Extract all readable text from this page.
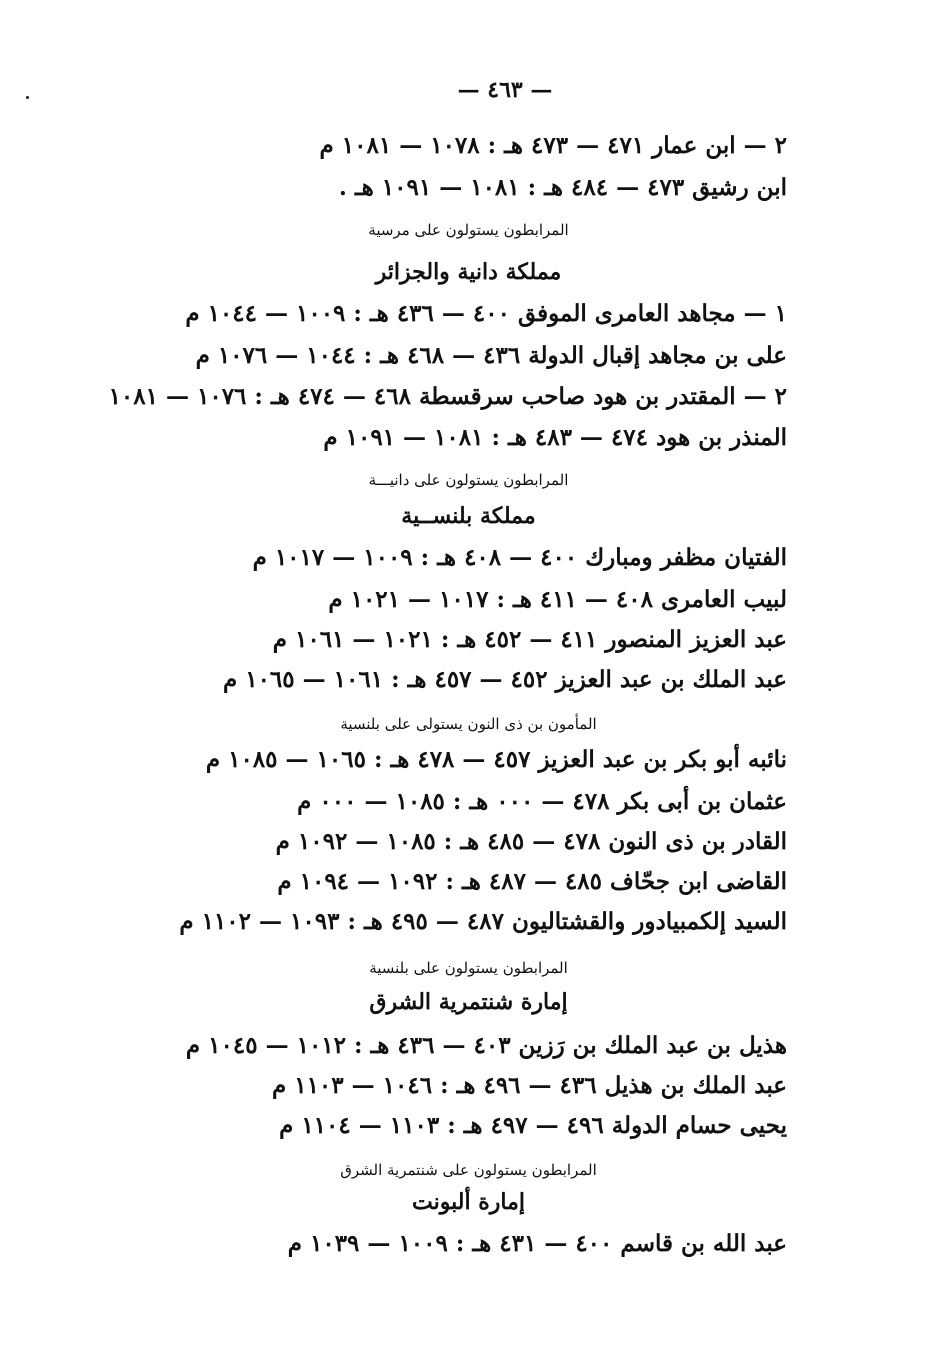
— ٤٦٣ —
٢ — ابن عمار ٤٧١ — ٤٧٣ هـ : ١٠٧٨ — ١٠٨١ م
ابن رشيق ٤٧٣ — ٤٨٤ هـ : ١٠٨١ — ١٠٩١ هـ .
المرابطون يستولون على مرسية
مملكة دانية والجزائر
١ — مجاهد العامرى الموفق ٤٠٠ — ٤٣٦ هـ : ١٠٠٩ — ١٠٤٤ م
على بن مجاهد إقبال الدولة ٤٣٦ — ٤٦٨ هـ : ١٠٤٤ — ١٠٧٦ م
٢ — المقتدر بن هود صاحب سرقسطة ٤٦٨ — ٤٧٤ هـ : ١٠٧٦ — ١٠٨١
المنذر بن هود ٤٧٤ — ٤٨٣ هـ : ١٠٨١ — ١٠٩١ م
المرابطون يستولون على دانيـــة
مملكة بلنســية
الفتيان مظفر ومبارك ٤٠٠ — ٤٠٨ هـ : ١٠٠٩ — ١٠١٧ م
لبيب العامرى ٤٠٨ — ٤١١ هـ : ١٠١٧ — ١٠٢١ م
عبد العزيز المنصور ٤١١ — ٤٥٢ هـ : ١٠٢١ — ١٠٦١ م
عبد الملك بن عبد العزيز ٤٥٢ — ٤٥٧ هـ : ١٠٦١ — ١٠٦٥ م
المأمون بن ذى النون يستولى على بلنسية
نائبه أبو بكر بن عبد العزيز ٤٥٧ — ٤٧٨ هـ : ١٠٦٥ — ١٠٨٥ م
عثمان بن أبى بكر ٤٧٨ — ٠٠٠ هـ : ١٠٨٥ — ٠٠٠ م
القادر بن ذى النون ٤٧٨ — ٤٨٥ هـ : ١٠٨٥ — ١٠٩٢ م
القاضى ابن جحّاف ٤٨٥ — ٤٨٧ هـ : ١٠٩٢ — ١٠٩٤ م
السيد إلكمبيادور والقشتاليون ٤٨٧ — ٤٩٥ هـ : ١٠٩٣ — ١١٠٢ م
المرابطون يستولون على بلنسية
إمارة شنتمرية الشرق
هذيل بن عبد الملك بن رَزين ٤٠٣ — ٤٣٦ هـ : ١٠١٢ — ١٠٤٥ م
عبد الملك بن هذيل ٤٣٦ — ٤٩٦ هـ : ١٠٤٦ — ١١٠٣ م
يحيى حسام الدولة ٤٩٦ — ٤٩٧ هـ : ١١٠٣ — ١١٠٤ م
المرابطون يستولون على شنتمرية الشرق
إمارة ألبونت
عبد الله بن قاسم ٤٠٠ — ٤٣١ هـ : ١٠٠٩ — ١٠٣٩ م
